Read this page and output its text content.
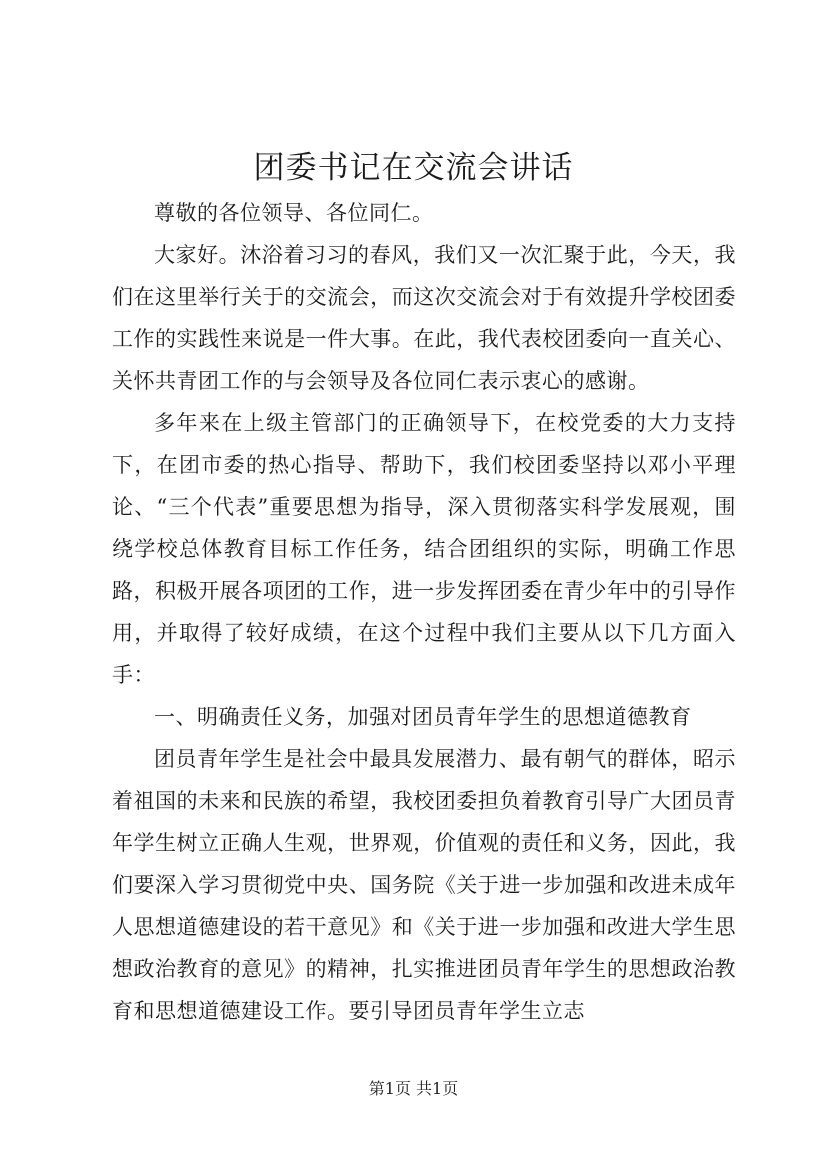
团委书记在交流会讲话

尊敬的各位领导、各位同仁。

大家好。沐浴着习习的春风，我们又一次汇聚于此，今天，我们在这里举行关于的交流会，而这次交流会对于有效提升学校团委工作的实践性来说是一件大事。在此，我代表校团委向一直关心、关怀共青团工作的与会领导及各位同仁表示衷心的感谢。

多年来在上级主管部门的正确领导下，在校党委的大力支持下，在团市委的热心指导、帮助下，我们校团委坚持以邓小平理论、“三个代表”重要思想为指导，深入贯彻落实科学发展观，围绕学校总体教育目标工作任务，结合团组织的实际，明确工作思路，积极开展各项团的工作，进一步发挥团委在青少年中的引导作用，并取得了较好成绩，在这个过程中我们主要从以下几方面入手：

一、明确责任义务，加强对团员青年学生的思想道德教育

团员青年学生是社会中最具发展潜力、最有朝气的群体，昭示着祖国的未来和民族的希望，我校团委担负着教育引导广大团员青年学生树立正确人生观，世界观，价值观的责任和义务，因此，我们要深入学习贯彻党中央、国务院《关于进一步加强和改进未成年人思想道德建设的若干意见》和《关于进一步加强和改进大学生思想政治教育的意见》的精神，扎实推进团员青年学生的思想政治教育和思想道德建设工作。要引导团员青年学生立志

第1页 共1页
